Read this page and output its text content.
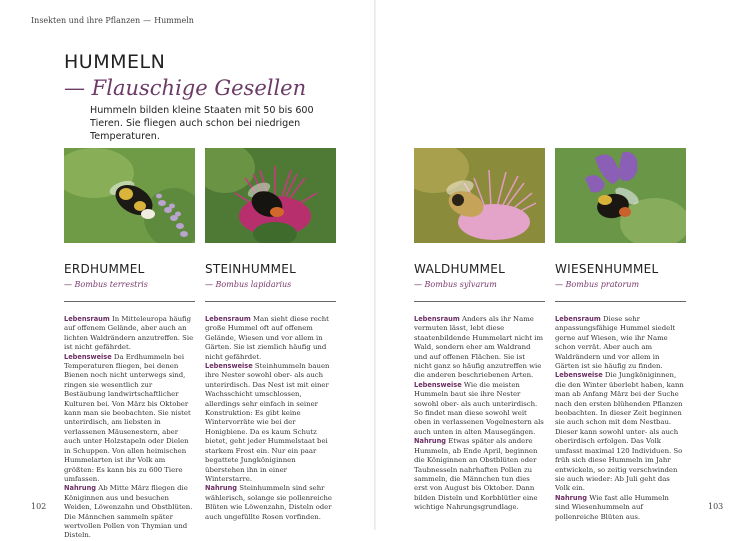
Insekten und ihre Pflanzen — Hummeln
HUMMELN
— Flauschige Gesellen
Hummeln bilden kleine Staaten mit 50 bis 600 Tieren. Sie fliegen auch schon bei niedrigen Temperaturen.
ERDHUMMEL
— Bombus terrestris

Lebensraum In Mitteleuropa häufig auf offenem Gelände, aber auch an lichten Waldrändern anzutreffen. Sie ist nicht gefährdet.

Lebensweise Da Erdhummeln bei Temperaturen fliegen, bei denen Bienen noch nicht unterwegs sind, ringen sie wesentlich zur Bestäubung landwirtschaftlicher Kulturen bei. Von März bis Oktober kann man sie beobachten. Sie nistet unterirdisch, am liebsten in verlassenen Mäusenestern, aber auch unter Holzstapeln oder Dielen in Schuppen. Von allen heimischen Hummelarten ist ihr Volk am größten: Es kann bis zu 600 Tiere umfassen.

Nahrung Ab Mitte März fliegen die Königinnen aus und besuchen Weiden, Löwenzahn und Obstblüten. Die Männchen sammeln später wertvollen Pollen von Thymian und Disteln.

STEINHUMMEL
— Bombus lapidarius

Lebensraum Man sieht diese recht große Hummel oft auf offenem Gelände, Wiesen und vor allem in Gärten. Sie ist ziemlich häufig und nicht gefährdet.

Lebensweise Steinhummeln bauen ihre Nester sowohl ober- als auch unterirdisch. Das Nest ist mit einer Wachsschicht umschlossen, allerdings sehr einfach in seiner Konstruktion: Es gibt keine Wintervorräte wie bei der Honigbiene. Da es kaum Schutz bietet, geht jeder Hummelstaat bei starkem Frost ein. Nur ein paar begattete Jungköniginnen überstehen ihn in einer Winterstarre.

Nahrung Steinhummeln sind sehr wählerisch, solange sie pollenreiche Blüten wie Löwenzahn, Disteln oder auch ungefüllte Rosen vorfinden.

WALDHUMMEL
— Bombus sylvarum

Lebensraum Anders als ihr Name vermuten lässt, lebt diese staatenbildende Hummelart nicht im Wald, sondern eher am Waldrand und auf offenen Flächen. Sie ist nicht ganz so häufig anzutreffen wie die anderen beschriebenen Arten.

Lebensweise Wie die meisten Hummeln baut sie ihre Nester sowohl ober- als auch unterirdisch. So findet man diese sowohl weit oben in verlassenen Vogelnestern als auch unten in alten Mausegängen.

Nahrung Etwas später als andere Hummeln, ab Ende April, beginnen die Königinnen an Obstblüten oder Taubnesseln nahrhaften Pollen zu sammeln, die Männchen tun dies erst von August bis Oktober. Dann bilden Disteln und Korbblütler eine wichtige Nahrungsgrundlage.

WIESENHUMMEL
— Bombus pratorum

Lebensraum Diese sehr anpassungsfähige Hummel siedelt gerne auf Wiesen, wie ihr Name schon verrät. Aber auch am Waldrändern und vor allem in Gärten ist sie häufig zu finden.

Lebensweise Die Jungköniginnen, die den Winter überlebt haben, kann man ab Anfang März bei der Suche nach den ersten blühenden Pflanzen beobachten. In dieser Zeit beginnen sie auch schon mit dem Nestbau. Dieser kann sowohl unter- als auch oberirdisch erfolgen. Das Volk umfasst maximal 120 Individuen. So früh sich diese Hummeln im Jahr entwickeln, so zeitig verschwinden sie auch wieder: Ab Juli geht das Volk ein.

Nahrung Wie fast alle Hummeln sind Wiesenhummeln auf pollenreiche Blüten aus.

102	103
